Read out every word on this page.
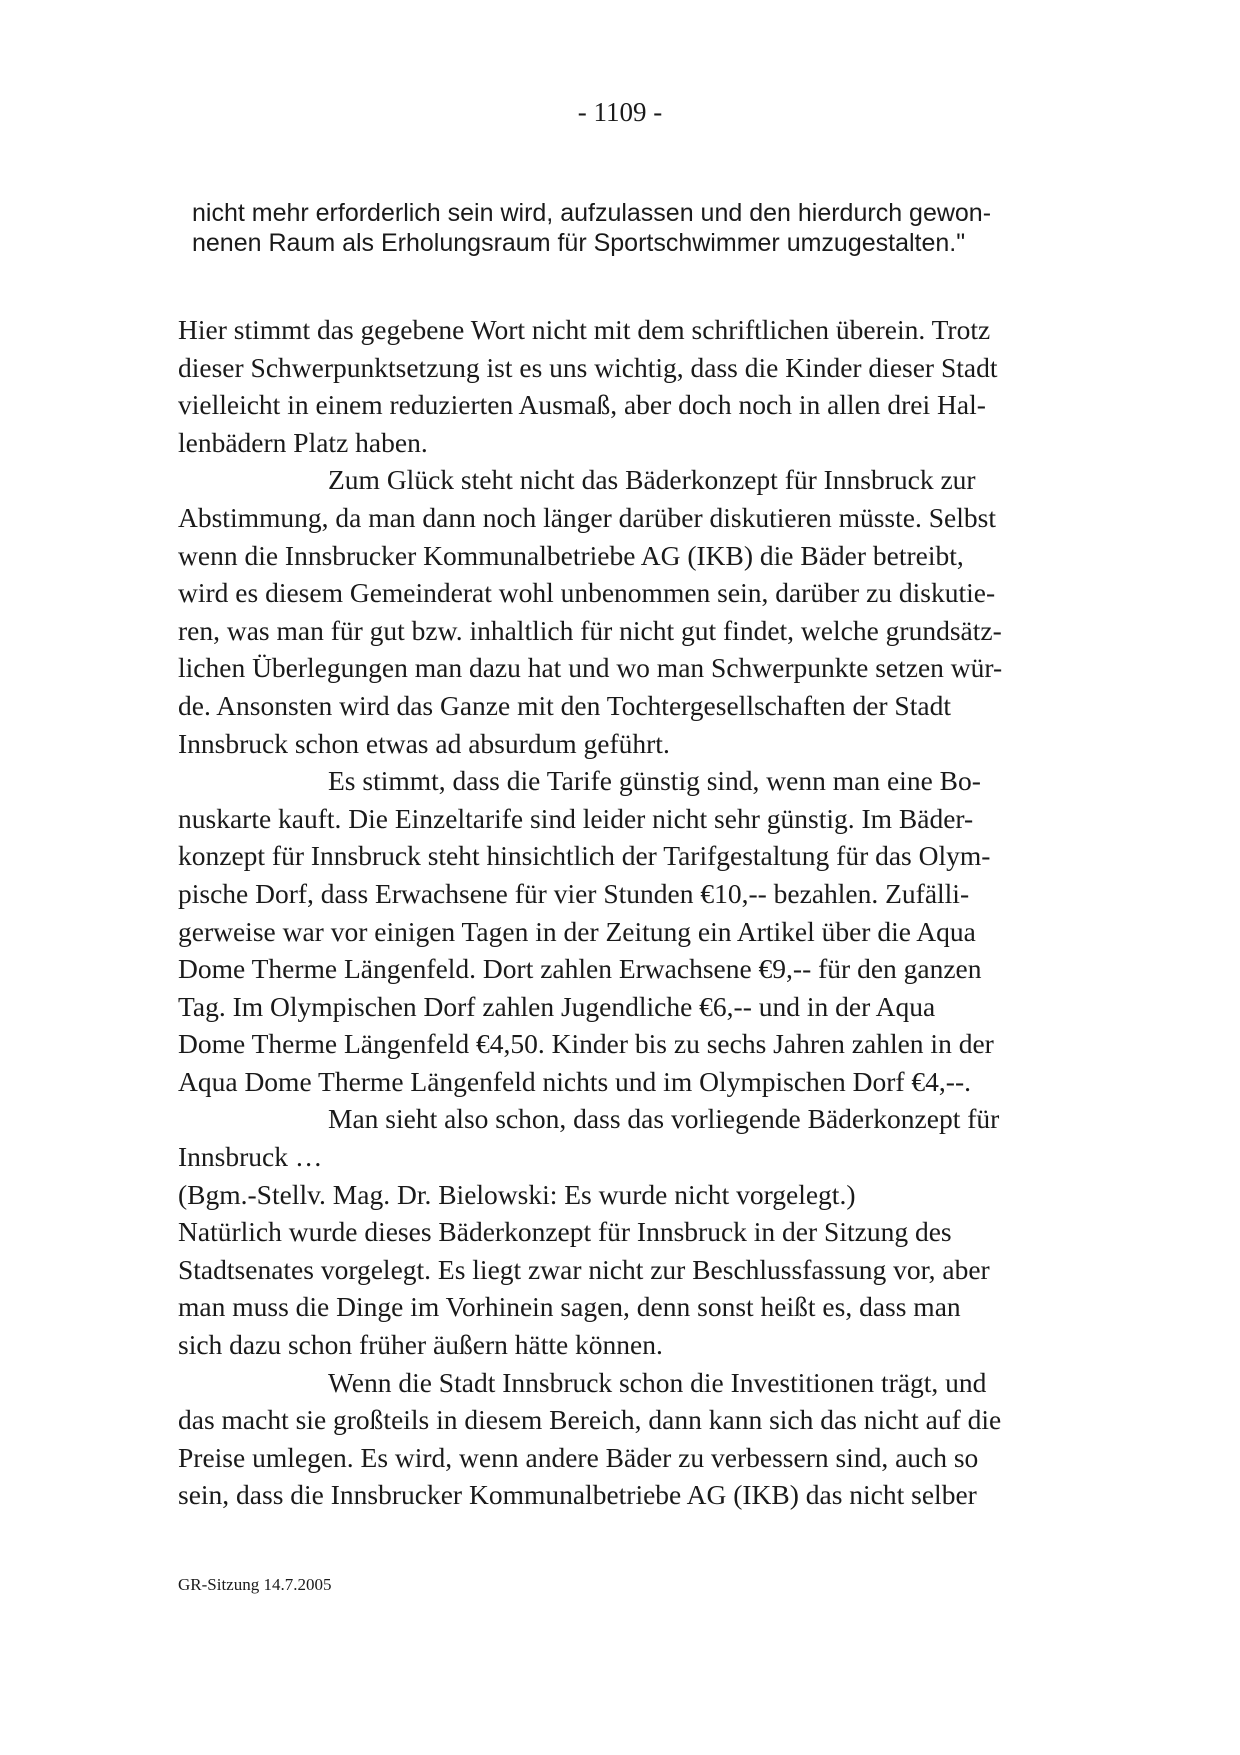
- 1109 -
nicht mehr erforderlich sein wird, aufzulassen und den hierdurch gewon-
nenen Raum als Erholungsraum für Sportschwimmer umzugestalten."
Hier stimmt das gegebene Wort nicht mit dem schriftlichen überein. Trotz
dieser Schwerpunktsetzung ist es uns wichtig, dass die Kinder dieser Stadt
vielleicht in einem reduzierten Ausmaß, aber doch noch in allen drei Hal-
lenbädern Platz haben.
Zum Glück steht nicht das Bäderkonzept für Innsbruck zur
Abstimmung, da man dann noch länger darüber diskutieren müsste. Selbst
wenn die Innsbrucker Kommunalbetriebe AG (IKB) die Bäder betreibt,
wird es diesem Gemeinderat wohl unbenommen sein, darüber zu diskutie-
ren, was man für gut bzw. inhaltlich für nicht gut findet, welche grundsätz-
lichen Überlegungen man dazu hat und wo man Schwerpunkte setzen wür-
de. Ansonsten wird das Ganze mit den Tochtergesellschaften der Stadt
Innsbruck schon etwas ad absurdum geführt.
Es stimmt, dass die Tarife günstig sind, wenn man eine Bo-
nuskarte kauft. Die Einzeltarife sind leider nicht sehr günstig. Im Bäder-
konzept für Innsbruck steht hinsichtlich der Tarifgestaltung für das Olym-
pische Dorf, dass Erwachsene für vier Stunden €10,-- bezahlen. Zufälli-
gerweise war vor einigen Tagen in der Zeitung ein Artikel über die Aqua
Dome Therme Längenfeld. Dort zahlen Erwachsene €9,-- für den ganzen
Tag. Im Olympischen Dorf zahlen Jugendliche €6,-- und in der Aqua
Dome Therme Längenfeld €4,50. Kinder bis zu sechs Jahren zahlen in der
Aqua Dome Therme Längenfeld nichts und im Olympischen Dorf €4,--.
Man sieht also schon, dass das vorliegende Bäderkonzept für
Innsbruck …
(Bgm.-Stellv. Mag. Dr. Bielowski: Es wurde nicht vorgelegt.)
Natürlich wurde dieses Bäderkonzept für Innsbruck in der Sitzung des
Stadtsenates vorgelegt. Es liegt zwar nicht zur Beschlussfassung vor, aber
man muss die Dinge im Vorhinein sagen, denn sonst heißt es, dass man
sich dazu schon früher äußern hätte können.
Wenn die Stadt Innsbruck schon die Investitionen trägt, und
das macht sie großteils in diesem Bereich, dann kann sich das nicht auf die
Preise umlegen. Es wird, wenn andere Bäder zu verbessern sind, auch so
sein, dass die Innsbrucker Kommunalbetriebe AG (IKB) das nicht selber
GR-Sitzung 14.7.2005
